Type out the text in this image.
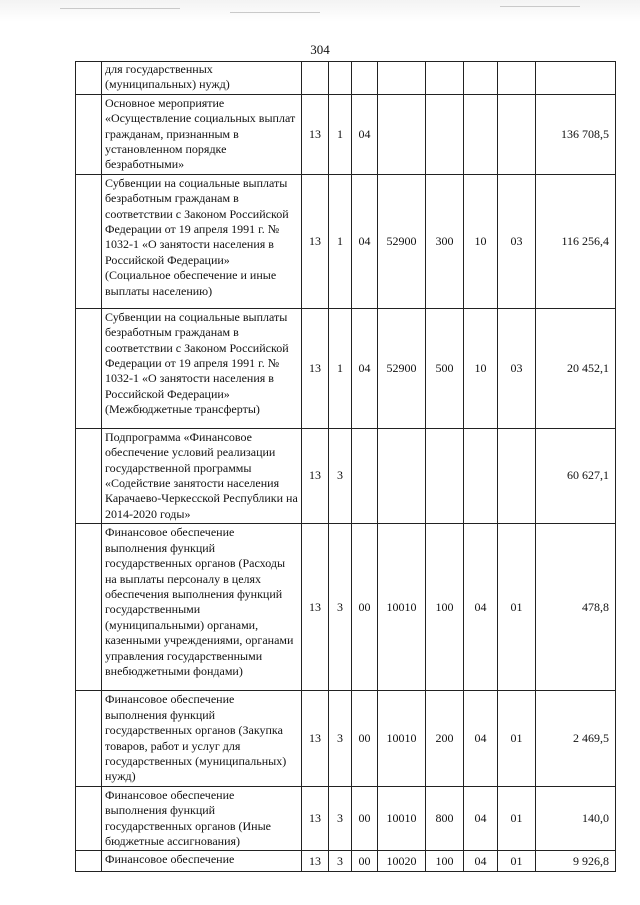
304
	для государственных (муниципальных) нужд)								
	Основное мероприятие «Осуществление социальных выплат гражданам, признанным в установленном порядке безработными»	13	1	04					136 708,5
	Субвенции на социальные выплаты безработным гражданам в соответствии с Законом Российской Федерации от 19 апреля 1991 г. № 1032-1 «О занятости населения в Российской Федерации» (Социальное обеспечение и иные выплаты населению)	13	1	04	52900	300	10	03	116 256,4
	Субвенции на социальные выплаты безработным гражданам в соответствии с Законом Российской Федерации от 19 апреля 1991 г. № 1032-1 «О занятости населения в Российской Федерации» (Межбюджетные трансферты)	13	1	04	52900	500	10	03	20 452,1
	Подпрограмма «Финансовое обеспечение условий реализации государственной программы «Содействие занятости населения Карачаево-Черкесской Республики на 2014-2020 годы»	13	3						60 627,1
	Финансовое обеспечение выполнения функций государственных органов (Расходы на выплаты персоналу в целях обеспечения выполнения функций государственными (муниципальными) органами, казенными учреждениями, органами управления государственными внебюджетными фондами)	13	3	00	10010	100	04	01	478,8
	Финансовое обеспечение выполнения функций государственных органов (Закупка товаров, работ и услуг для государственных (муниципальных) нужд)	13	3	00	10010	200	04	01	2 469,5
	Финансовое обеспечение выполнения функций государственных органов (Иные бюджетные ассигнования)	13	3	00	10010	800	04	01	140,0
	Финансовое обеспечение	13	3	00	10020	100	04	01	9 926,8
